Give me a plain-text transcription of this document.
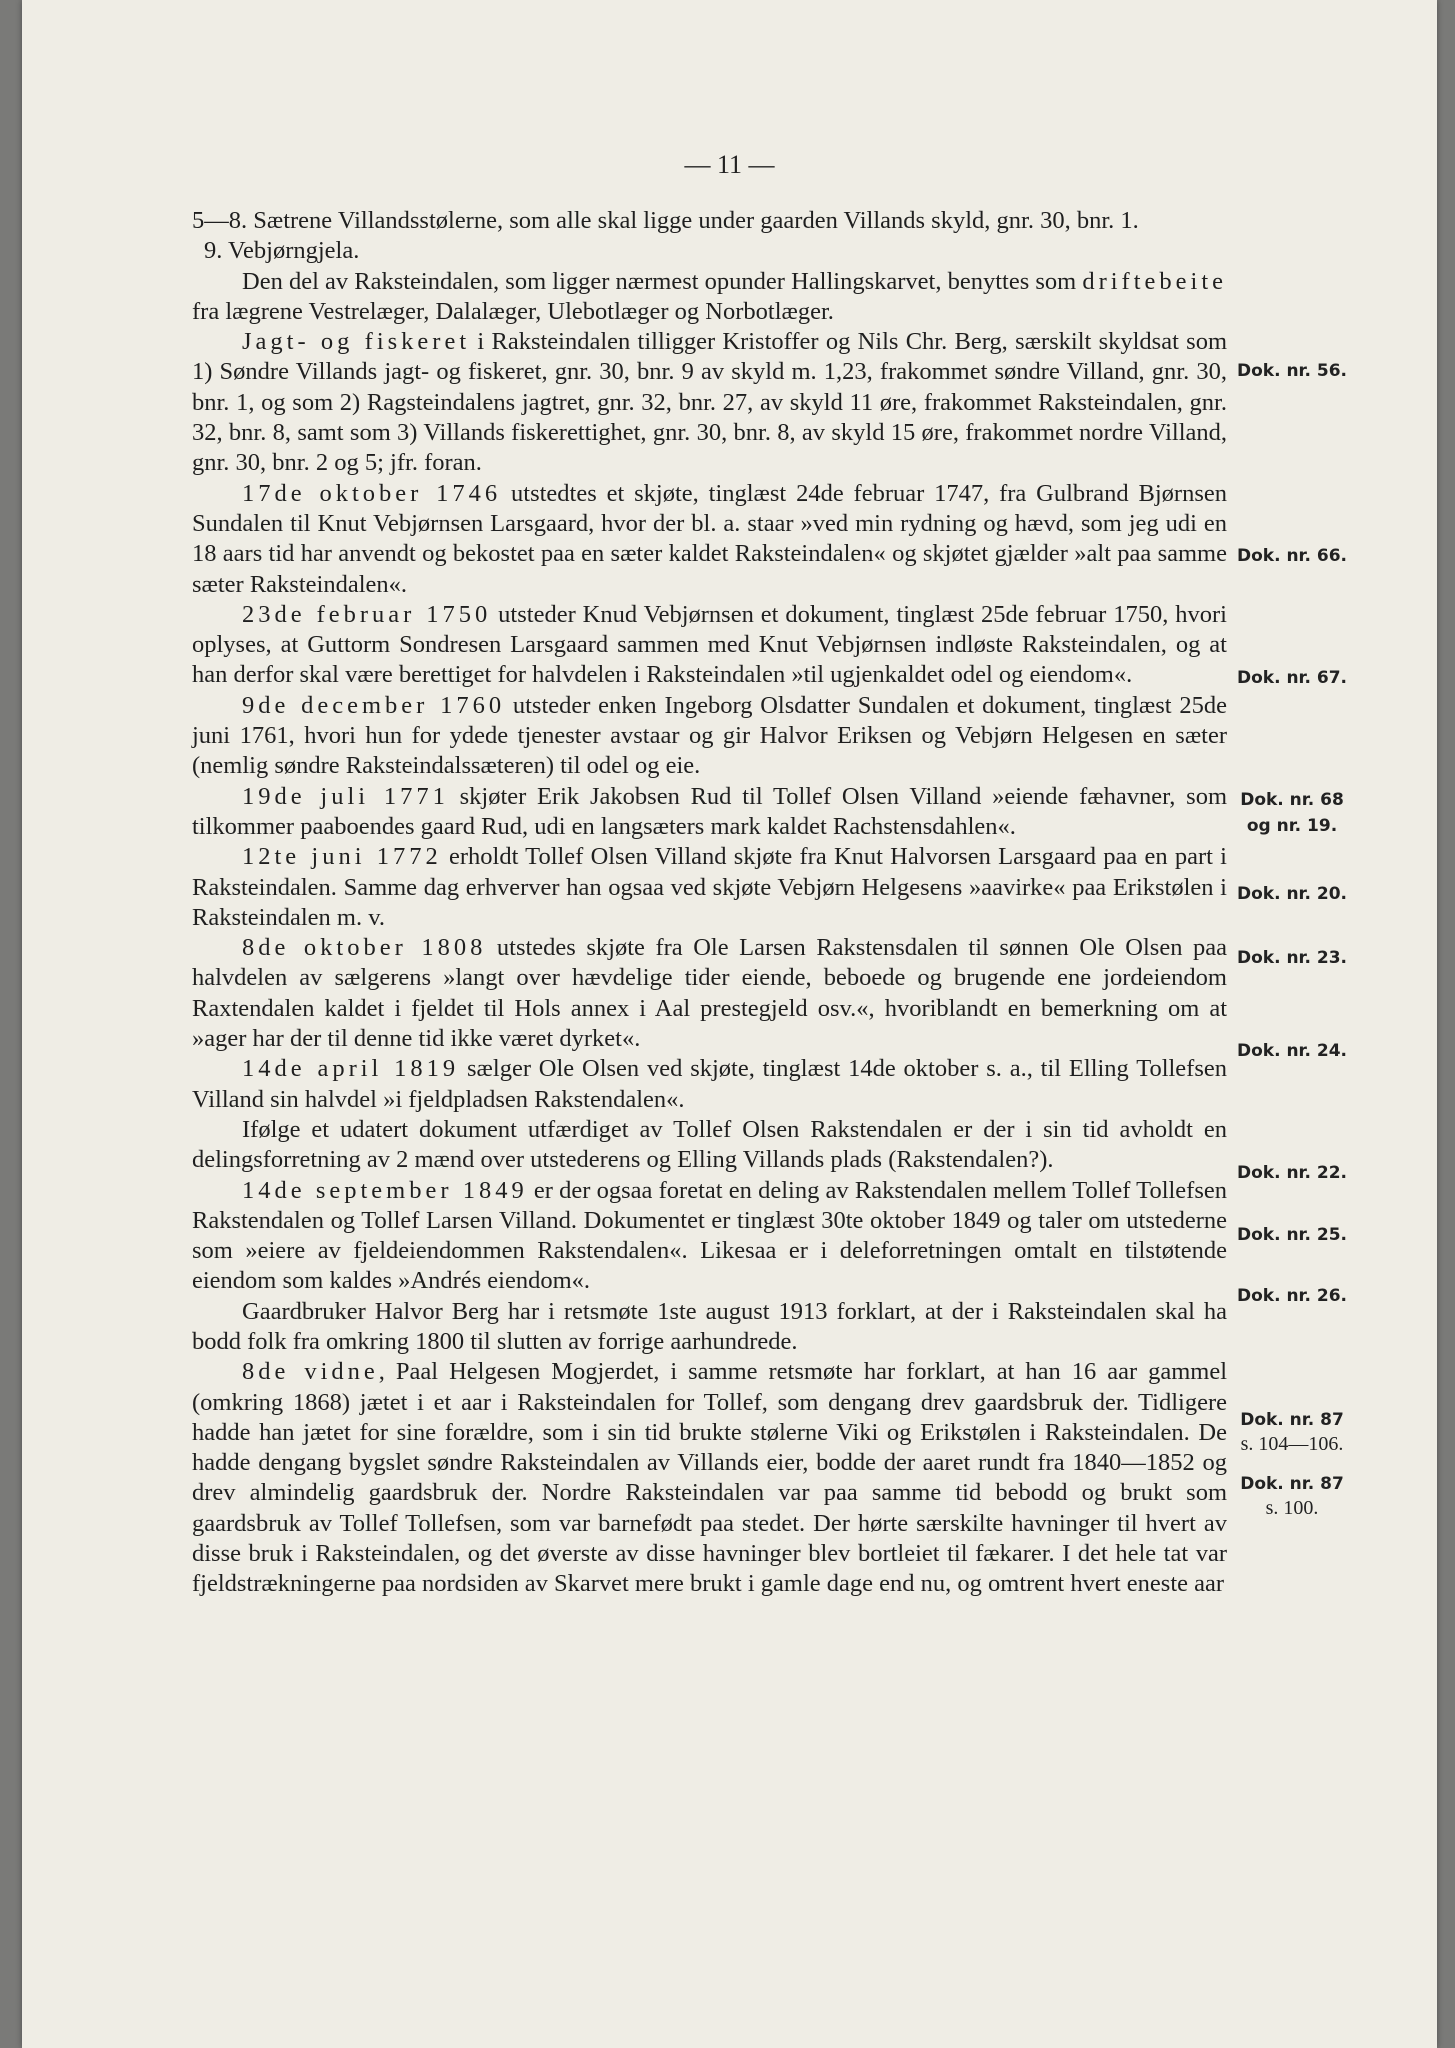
— 11 —

5—8. Sætrene Villandsstølerne, som alle skal ligge under gaarden Villands skyld, gnr. 30, bnr. 1.

9. Vebjørngjela.

Den del av Raksteindalen, som ligger nærmest opunder Hallingskarvet, benyttes som driftebeite fra lægrene Vestrelæger, Dalalæger, Ulebotlæger og Norbotlæger.

Jagt- og fiskeret i Raksteindalen tilligger Kristoffer og Nils Chr. Berg, særskilt skyldsat som 1) Søndre Villands jagt- og fiskeret, gnr. 30, bnr. 9 av skyld m. 1,23, frakommet søndre Villand, gnr. 30, bnr. 1, og som 2) Ragsteindalens jagtret, gnr. 32, bnr. 27, av skyld 11 øre, frakommet Raksteindalen, gnr. 32, bnr. 8, samt som 3) Villands fiskerettighet, gnr. 30, bnr. 8, av skyld 15 øre, frakommet nordre Villand, gnr. 30, bnr. 2 og 5; jfr. foran.

17de oktober 1746 utstedtes et skjøte, tinglæst 24de februar 1747, fra Gulbrand Bjørnsen Sundalen til Knut Vebjørnsen Larsgaard, hvor der bl. a. staar »ved min rydning og hævd, som jeg udi en 18 aars tid har anvendt og bekostet paa en sæter kaldet Raksteindalen« og skjøtet gjælder »alt paa samme sæter Raksteindalen«.

23de februar 1750 utsteder Knud Vebjørnsen et dokument, tinglæst 25de februar 1750, hvori oplyses, at Guttorm Sondresen Larsgaard sammen med Knut Vebjørnsen indløste Raksteindalen, og at han derfor skal være berettiget for halvdelen i Raksteindalen »til ugjenkaldet odel og eiendom«.

9de december 1760 utsteder enken Ingeborg Olsdatter Sundalen et dokument, tinglæst 25de juni 1761, hvori hun for ydede tjenester avstaar og gir Halvor Eriksen og Vebjørn Helgesen en sæter (nemlig søndre Raksteindalssæteren) til odel og eie.

19de juli 1771 skjøter Erik Jakobsen Rud til Tollef Olsen Villand »eiende fæhavner, som tilkommer paaboendes gaard Rud, udi en langsæters mark kaldet Rachstensdahlen«.

12te juni 1772 erholdt Tollef Olsen Villand skjøte fra Knut Halvorsen Larsgaard paa en part i Raksteindalen. Samme dag erhverver han ogsaa ved skjøte Vebjørn Helgesens »aavirke« paa Erikstølen i Raksteindalen m. v.

8de oktober 1808 utstedes skjøte fra Ole Larsen Rakstensdalen til sønnen Ole Olsen paa halvdelen av sælgerens »langt over hævdelige tider eiende, beboede og brugende ene jordeiendom Raxtendalen kaldet i fjeldet til Hols annex i Aal prestegjeld osv.«, hvoriblandt en bemerkning om at »ager har der til denne tid ikke været dyrket«.

14de april 1819 sælger Ole Olsen ved skjøte, tinglæst 14de oktober s. a., til Elling Tollefsen Villand sin halvdel »i fjeldpladsen Rakstendalen«.

Ifølge et udatert dokument utfærdiget av Tollef Olsen Rakstendalen er der i sin tid avholdt en delingsforretning av 2 mænd over utstederens og Elling Villands plads (Rakstendalen?).

14de september 1849 er der ogsaa foretat en deling av Rakstendalen mellem Tollef Tollefsen Rakstendalen og Tollef Larsen Villand. Dokumentet er tinglæst 30te oktober 1849 og taler om utstederne som »eiere av fjeldeiendommen Rakstendalen«. Likesaa er i deleforretningen omtalt en tilstøtende eiendom som kaldes »Andrés eiendom«.

Gaardbruker Halvor Berg har i retsmøte 1ste august 1913 forklart, at der i Raksteindalen skal ha bodd folk fra omkring 1800 til slutten av forrige aarhundrede.

8de vidne, Paal Helgesen Mogjerdet, i samme retsmøte har forklart, at han 16 aar gammel (omkring 1868) jætet i et aar i Raksteindalen for Tollef, som dengang drev gaardsbruk der. Tidligere hadde han jætet for sine forældre, som i sin tid brukte stølerne Viki og Erikstølen i Raksteindalen. De hadde dengang bygslet søndre Raksteindalen av Villands eier, bodde der aaret rundt fra 1840—1852 og drev almindelig gaardsbruk der. Nordre Raksteindalen var paa samme tid bebodd og brukt som gaardsbruk av Tollef Tollefsen, som var barnefødt paa stedet. Der hørte særskilte havninger til hvert av disse bruk i Raksteindalen, og det øverste av disse havninger blev bortleiet til fækarer. I det hele tat var fjeldstrækningerne paa nordsiden av Skarvet mere brukt i gamle dage end nu, og omtrent hvert eneste aar

Dok. nr. 56.
Dok. nr. 66.
Dok. nr. 67.
Dok. nr. 68
og nr. 19.
Dok. nr. 20.
Dok. nr. 23.
Dok. nr. 24.
Dok. nr. 22.
Dok. nr. 25.
Dok. nr. 26.
Dok. nr. 87
s. 104—106.
Dok. nr. 87
s. 100.
